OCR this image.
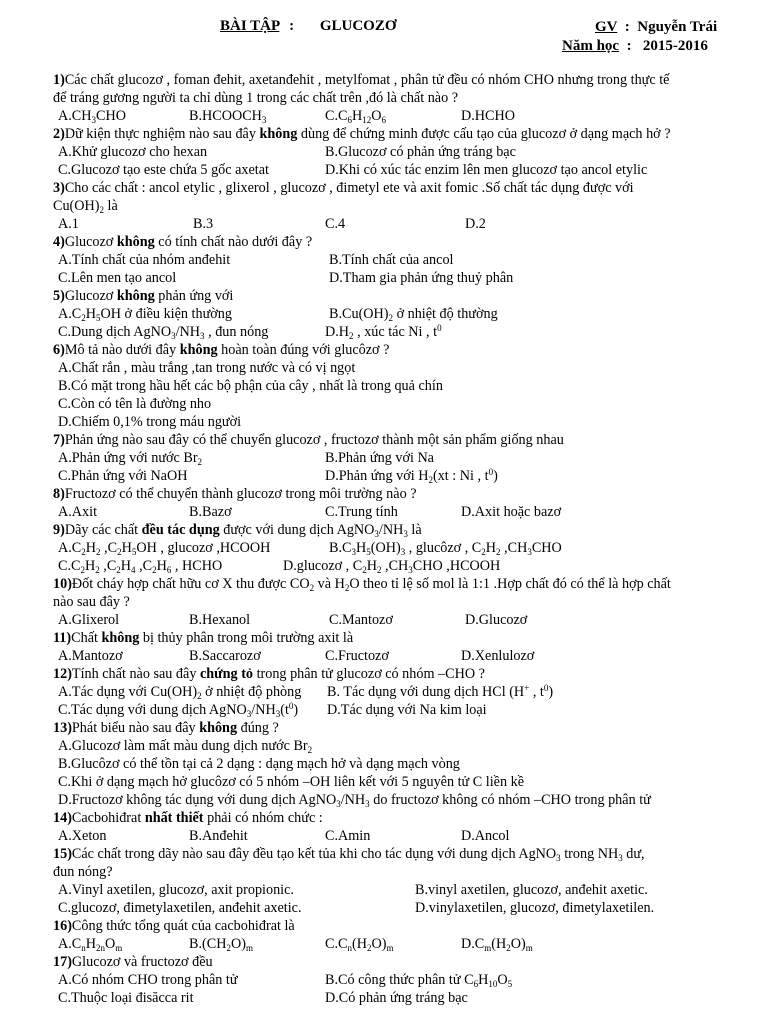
BÀI TẬP : GLUCOZƠ	GV  :  Nguyễn Trái
Năm học  :   2015-2016
1)Các chất glucozơ , foman đehit, axetanđehit , metylfomat , phân tử đều có nhóm CHO nhưng trong thực tế
để tráng gương người ta chỉ dùng 1 trong các chất trên ,đó là chất nào ?
$A.CH_3CHO$	$B.HCOOCH_3$	$C.C_6H_{12}O_6$	D.HCHO
2)Dữ kiện thực nghiệm nào sau đây không dùng để chứng minh được cấu tạo của glucozơ ở dạng mạch hở ?
A.Khử glucozơ cho hexan	B.Glucozơ có phản ứng tráng bạc
C.Glucozơ tạo este chứa 5 gốc axetat	D.Khi có xúc tác enzim lên men glucozơ tạo ancol etylic
3)Cho các chất : ancol etylic , glixerol , glucozơ , đimetyl ete và axit fomic .Số chất tác dụng được với
$Cu(OH)_2$ là
A.1	B.3	C.4	D.2
4)Glucozơ không có tính chất nào dưới đây ?
A.Tính chất của nhóm anđehit	B.Tính chất của ancol
C.Lên men tạo ancol	D.Tham gia phản ứng thuỷ phân
5)Glucozơ không phản ứng với
$A.C_2H_5OH$ ở điều kiện thường	$B.Cu(OH)_2$ ở nhiệt độ thường
C.Dung dịch $AgNO_3/NH_3$ , đun nóng	$D.H_2$ , xúc tác Ni , $t^0$
6)Mô tả nào dưới đây không hoàn toàn đúng với glucôzơ ?
A.Chất rắn , màu trắng ,tan trong nước và có vị ngọt
B.Có mặt trong hầu hết các bộ phận của cây , nhất là trong quả chín
C.Còn có tên là đường nho
D.Chiếm 0,1% trong máu người
7)Phản ứng nào sau đây có thể chuyển glucozơ , fructozơ thành một sản phẩm giống nhau
A.Phản ứng với nước $Br_2$	B.Phản ứng với Na
C.Phản ứng với NaOH	D.Phản ứng với $H_2(xt$ : Ni , $t^0$)
8)Fructozơ có thể chuyển thành glucozơ trong môi trường nào ?
A.Axit	B.Bazơ	C.Trung tính	D.Axit hoặc bazơ
9)Dãy các chất đều tác dụng được với dung dịch $AgNO_3/NH_3$ là
$A.C_2H_2$ $,C_2H_5OH$ , glucozơ ,HCOOH	$B.C_3H_5(OH)_3$ , glucôzơ , $C_2H_2$ $,CH_3CHO$
$C.C_2H_2$ $,C_2H_4$ $,C_2H_6$ , HCHO	D.glucozơ , $C_2H_2$ $,CH_3CHO$ ,HCOOH
10)Đốt cháy hợp chất hữu cơ X thu được $CO_2$ và $H_2O$ theo tỉ lệ số mol là 1:1 .Hợp chất đó có thể là hợp chất
nào sau đây ?
A.Glixerol	B.Hexanol	C.Mantozơ	D.Glucozơ
11)Chất không bị thủy phân trong môi trường axit là
A.Mantozơ	B.Saccarozơ	C.Fructozơ	D.Xenlulozơ
12)Tính chất nào sau đây chứng tỏ trong phân tử glucozơ có nhóm –CHO ?
A.Tác dụng với $Cu(OH)_2$ ở nhiệt độ phòng B. Tác dụng với dung dịch HCl (H+ , $t^0$)
C.Tác dụng với dung dịch $AgNO_3/NH_3(t^0)$ D.Tác dụng với Na kim loại
13)Phát biểu nào sau đây không đúng ?
A.Glucozơ làm mất màu dung dịch nước $Br_2$
B.Glucôzơ có thể tồn tại cả 2 dạng : dạng mạch hở và dạng mạch vòng
C.Khi ở dạng mạch hở glucôzơ có 5 nhóm –OH liên kết với 5 nguyên tử C liền kề
D.Fructozơ không tác dụng với dung dịch $AgNO_3/NH_3$ do fructozơ không có nhóm –CHO trong phân tử
14)Cacbohiđrat nhất thiết phải có nhóm chức :
A.Xeton	B.Anđehit	C.Amin	D.Ancol
15)Các chất trong dãy nào sau đây đều tạo kết tủa khi cho tác dụng với dung dịch AgNO$_3$ trong $NH_3$ dư,
đun nóng?
A.Vinyl axetilen, glucozơ, axit propionic.	B.vinyl axetilen, glucozơ, anđehit axetic.
C.glucozơ, đimetylaxetilen, anđehit axetic.	D.vinylaxetilen, glucozơ, đimetylaxetilen.
16)Công thức tổng quát của cacbohiđrat là
$A.C_nH_{2n}O_m$	$B.(CH_2O)_m$	$C.C_n(H_2O)_m$	$D.C_m(H_2O)_m$
17)Glucozơ và fructozơ đều
A.Có nhóm CHO trong phân tử	B.Có công thức phân tử $C_6H_{10}O_5$
C.Thuộc loại đisăcca rit	D.Có phản ứng tráng bạc
